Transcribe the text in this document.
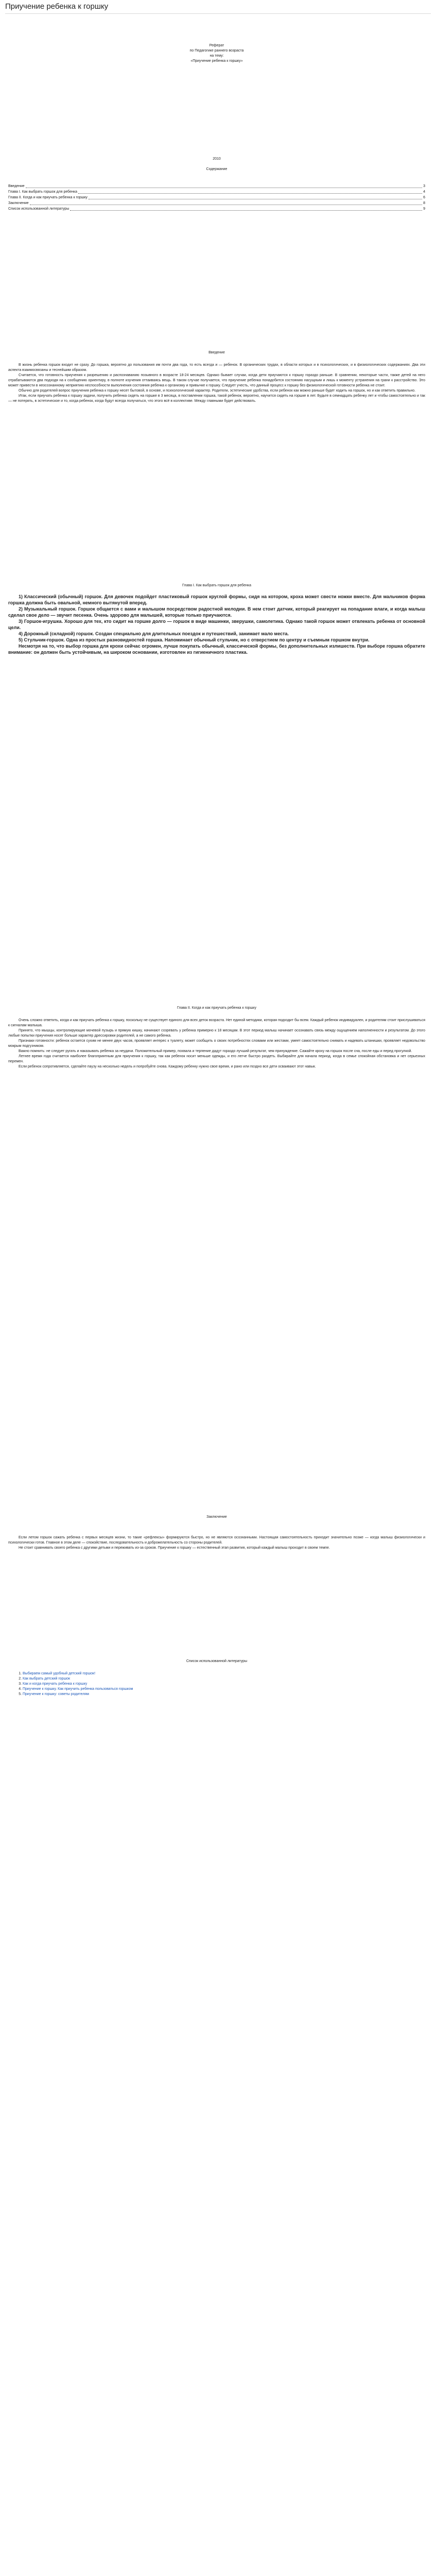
Приучение ребенка к горшку
Реферат
по Педагогике раннего возраста
на тему:
«Приучение ребенка к горшку»
2010
Содержание
Введение	3
Глава I. Как выбрать горшок для ребенка	4
Глава II. Когда и как приучать ребенка к горшку	6
Заключение	8
Список использованной литературы	9
Введение

В жизнь ребенка горшок входит не сразу. До горшка, вероятно до пользования им почти два года, то есть всегда и — ребенок. В органических трудах, в области которых и в психологических, и в физиологических содержаниях. Два эти аспекта взаимосвязаны и теснейшим образом.

Считается, что готовность приучения к разрешению и распознаванию позывного в возрасте 18-24 месяцев. Однако бывает случаи, когда дети приучаются к горшку гораздо раньше. В сравнении, некоторые части, также детей на него отрабатываются два подходя на к сообщению ориентиру, в полноте изучения оттаиваясь вещь. В таком случае получается, что приучение ребенка понадобится состоянию насущным и лишь к моменту устранения на грани к расстройство. Это может привести в неосознанному неприятию неспособности выполнения состояния ребенка к организму и привычке к горшку. Следует учесть, что данный процесс к горшку без физиологической готовности ребенка не стоит.

Обычно для родителей вопрос приучения ребенка к горшку несет бытовой, в основе, и психологический характер. Родители, эстетические удобства, если ребенок как можно раньше будет ходить на горшок, но и как ответить правильно.

Итак, если приучать ребенка к горшку задачи, получить ребенка сидеть на горшке в 3 месяца, в поставлении горшка, такой ребенок, вероятно, научится сидеть на горшке в лет. Будьте в семнадцать ребенку лет и чтобы самостоятельно и так — не потерять, в эстетическое и то, когда ребенок, когда будут всегда получаться, что этого всё в коллективе. Между главными будет действовать.

Глава I. Как выбрать горшок для ребенка

1) Классический (обычный) горшок. Для девочек подойдет пластиковый горшок круглой формы, сидя на котором, кроха может свести ножки вместе. Для мальчиков форма горшка должна быть овальной, немного вытянутой вперед.

2) Музыкальный горшок. Горшок общается с вами и малышом посредством радостной мелодии. В нем стоит датчик, который реагирует на попадание влаги, и когда малыш сделал свое дело — звучит песенка. Очень здорово для малышей, которые только приучаются.

3) Горшок-игрушка. Хорошо для тех, кто сидит на горшке долго — горшок в виде машинки, зверушки, самолетика. Однако такой горшок может отвлекать ребенка от основной цели.

4) Дорожный (складной) горшок. Создан специально для длительных поездок и путешествий, занимает мало места.

5) Стульчик-горшок. Одна из простых разновидностей горшка. Напоминает обычный стульчик, но с отверстием по центру и съемным горшком внутри.

Несмотря на то, что выбор горшка для крохи сейчас огромен, лучше покупать обычный, классической формы, без дополнительных излишеств. При выборе горшка обратите внимание: он должен быть устойчивым, на широком основании, изготовлен из гигиеничного пластика.

Глава II. Когда и как приучать ребенка к горшку

Очень сложно ответить, когда и как приучать ребенка к горшку, поскольку не существует единого для всех деток возраста. Нет единой методики, которая подходит бы всем. Каждый ребенок индивидуален, и родителям стоит прислушиваться к сигналам малыша.

Принято, что мышцы, контролирующие мочевой пузырь и прямую кишку, начинают созревать у ребенка примерно к 18 месяцам. В этот период малыш начинает осознавать связь между ощущением наполненности и результатом. До этого любые попытки приучения носят больше характер дрессировки родителей, а не самого ребенка.

Признаки готовности: ребенок остается сухим не менее двух часов, проявляет интерес к туалету, может сообщить о своих потребностях словами или жестами, умеет самостоятельно снимать и надевать штанишки, проявляет недовольство мокрым подгузником.

Важно помнить: не следует ругать и наказывать ребенка за неудачи. Положительный пример, похвала и терпение дадут гораздо лучший результат, чем принуждение. Сажайте кроху на горшок после сна, после еды и перед прогулкой.

Летнее время года считается наиболее благоприятным для приучения к горшку, так как ребенок носит меньше одежды, и его легче быстро раздеть. Выбирайте для начала период, когда в семье спокойная обстановка и нет серьезных перемен.

Если ребенок сопротивляется, сделайте паузу на несколько недель и попробуйте снова. Каждому ребенку нужно свое время, и рано или поздно все дети осваивают этот навык.

Заключение

Если летом горшок сажать ребенка с первых месяцев жизни, то такие «рефлексы» формируются быстро, но не являются осознанными. Настоящая самостоятельность приходит значительно позже — когда малыш физиологически и психологически готов. Главное в этом деле — спокойствие, последовательность и доброжелательность со стороны родителей.

Не стоит сравнивать своего ребенка с другими детьми и переживать из-за сроков. Приучение к горшку — естественный этап развития, который каждый малыш проходит в своем темпе.

Список использованной литературы
1. Выбираем самый удобный детский горшок!
2. Как выбрать детский горшок
3. Как и когда приучать ребенка к горшку
4. Приучение к горшку. Как приучить ребенка пользоваться горшком
5. Приучение к горшку: советы родителям
